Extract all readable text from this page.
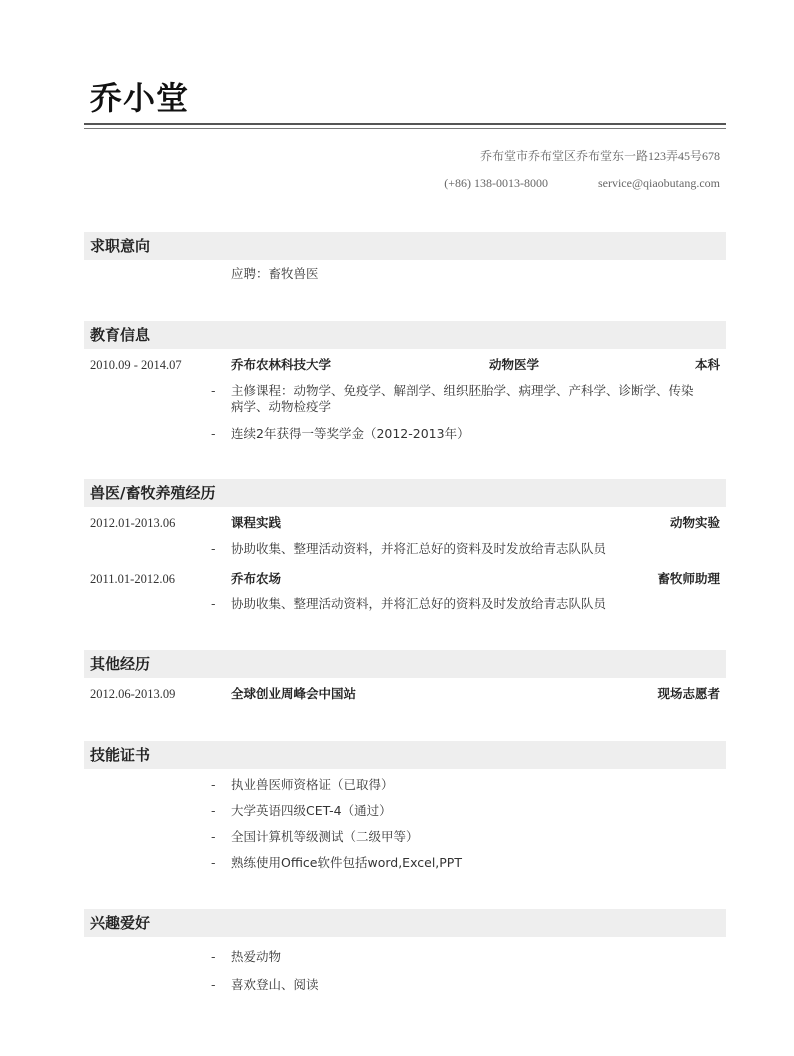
乔小堂
乔布堂市乔布堂区乔布堂东一路123弄45号678
(+86) 138-0013-8000	service@qiaobutang.com
求职意向
应聘：畜牧兽医
教育信息
2010.09 - 2014.07	乔布农林科技大学	动物医学	本科
-	主修课程：动物学、免疫学、解剖学、组织胚胎学、病理学、产科学、诊断学、传染病学、动物检疫学
-	连续2年获得一等奖学金（2012-2013年）
兽医/畜牧养殖经历
2012.01-2013.06	课程实践	动物实验
-	协助收集、整理活动资料，并将汇总好的资料及时发放给青志队队员
2011.01-2012.06	乔布农场	畜牧师助理
-	协助收集、整理活动资料，并将汇总好的资料及时发放给青志队队员
其他经历
2012.06-2013.09	全球创业周峰会中国站	现场志愿者
技能证书
-	执业兽医师资格证（已取得）
-	大学英语四级CET-4（通过）
-	全国计算机等级测试（二级甲等）
-	熟练使用Office软件包括word,Excel,PPT
兴趣爱好
-	热爱动物
-	喜欢登山、阅读
